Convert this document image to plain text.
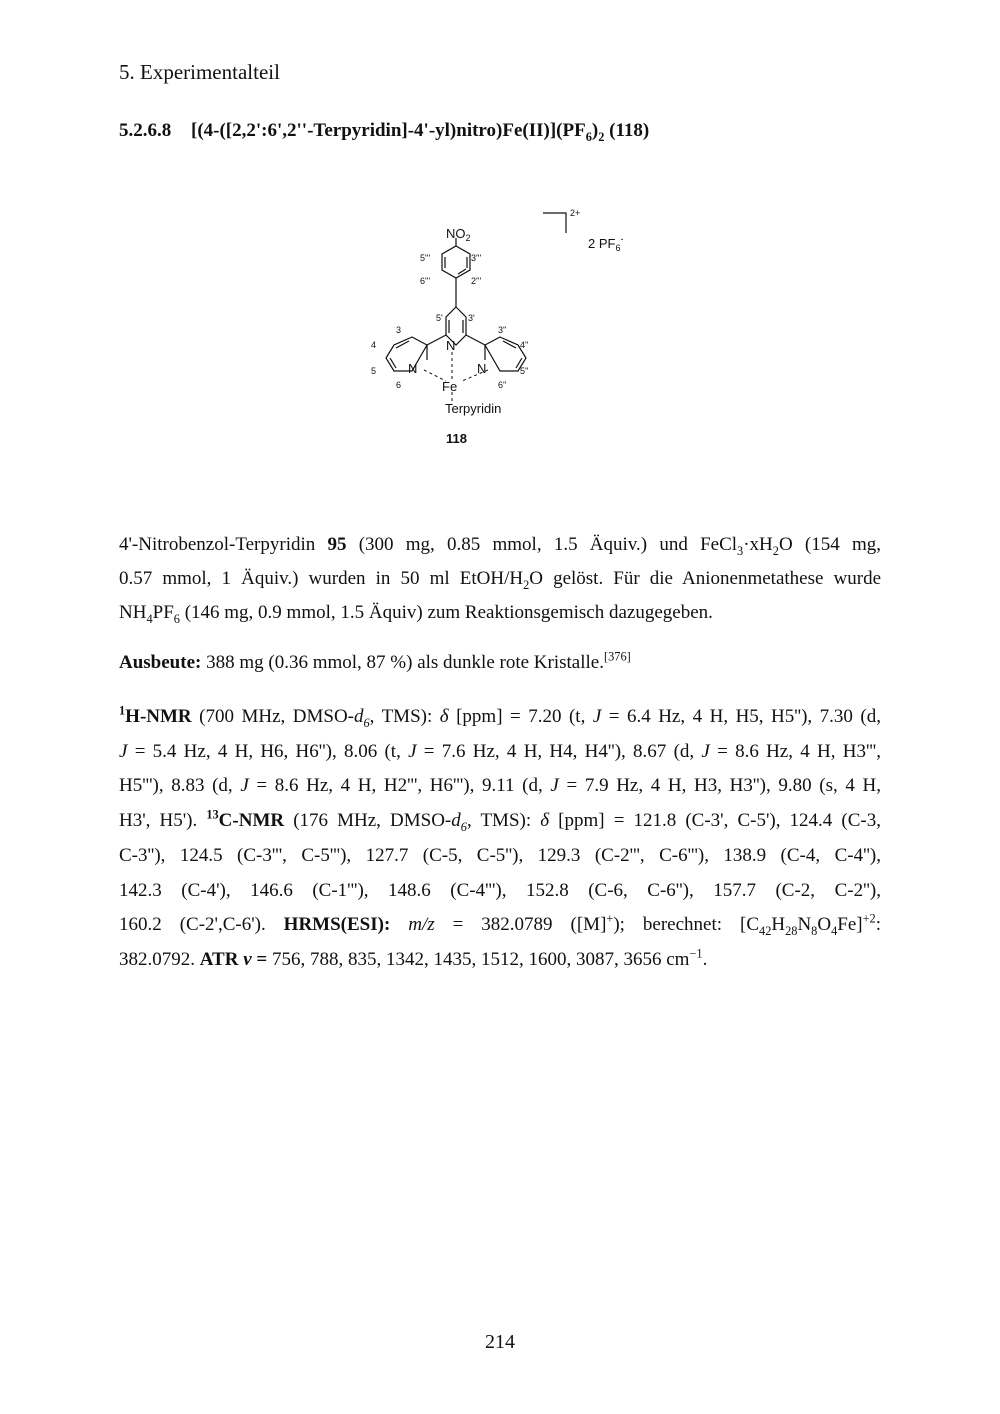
5. Experimentalteil
5.2.6.8 $[(4-([2,2':6',2''-Terpyridin]-4'-yl)nitro)Fe(II)](PF_6)_2$ (118)
$NO_2$
2+
2 $PF_6^-$
N
N	N
Fe
Terpyridin
118
3
4
5
6
5'	3'
3''
4''
5''
6''
5'''
6'''
3'''
2'''
4'-Nitrobenzol-Terpyridin 95 (300 mg, 0.85 mmol, 1.5 Äquiv.) und $FeCl_3\cdot xH_2O$ (154 mg,
0.57 mmol, 1 Äquiv.) wurden in 50 ml EtOH/$H_2O$ gelöst. Für die Anionenmetathese wurde
$NH_4PF_6$ (146 mg, 0.9 mmol, 1.5 Äquiv) zum Reaktionsgemisch dazugegeben.
Ausbeute: 388 mg (0.36 mmol, 87 %) als dunkle rote Kristalle.[376]
$^1$H-NMR (700 MHz, DMSO-$d_6$, TMS): δ [ppm] = 7.20 (t, J = 6.4 Hz, 4 H, H5, H5''), 7.30 (d,
J = 5.4 Hz, 4 H, H6, H6''), 8.06 (t, J = 7.6 Hz, 4 H, H4, H4''), 8.67 (d, J = 8.6 Hz, 4 H, H3''',
H5'''), 8.83 (d, J = 8.6 Hz, 4 H, H2''', H6'''), 9.11 (d, J = 7.9 Hz, 4 H, H3, H3''), 9.80 (s, 4 H,
H3', H5'). $^{13}$C-NMR (176 MHz, DMSO-$d_6$, TMS): δ [ppm] = 121.8 (C-3', C-5'), 124.4 (C-3,
C-3''), 124.5 (C-3''', C-5'''), 127.7 (C-5, C-5''), 129.3 (C-2''', C-6'''), 138.9 (C-4, C-4''),
142.3 (C-4'), 146.6 (C-1'''), 148.6 (C-4'''), 152.8 (C-6, C-6''), 157.7 (C-2, C-2''),
160.2 (C-2',C-6'). HRMS(ESI): m/z = 382.0789 ([M]+); berechnet: $[C_{42}H_{28}N_8O_4Fe]^{+2}$:
382.0792. ATR ν = 756, 788, 835, 1342, 1435, 1512, 1600, 3087, 3656 $cm^{-1}$.
214
